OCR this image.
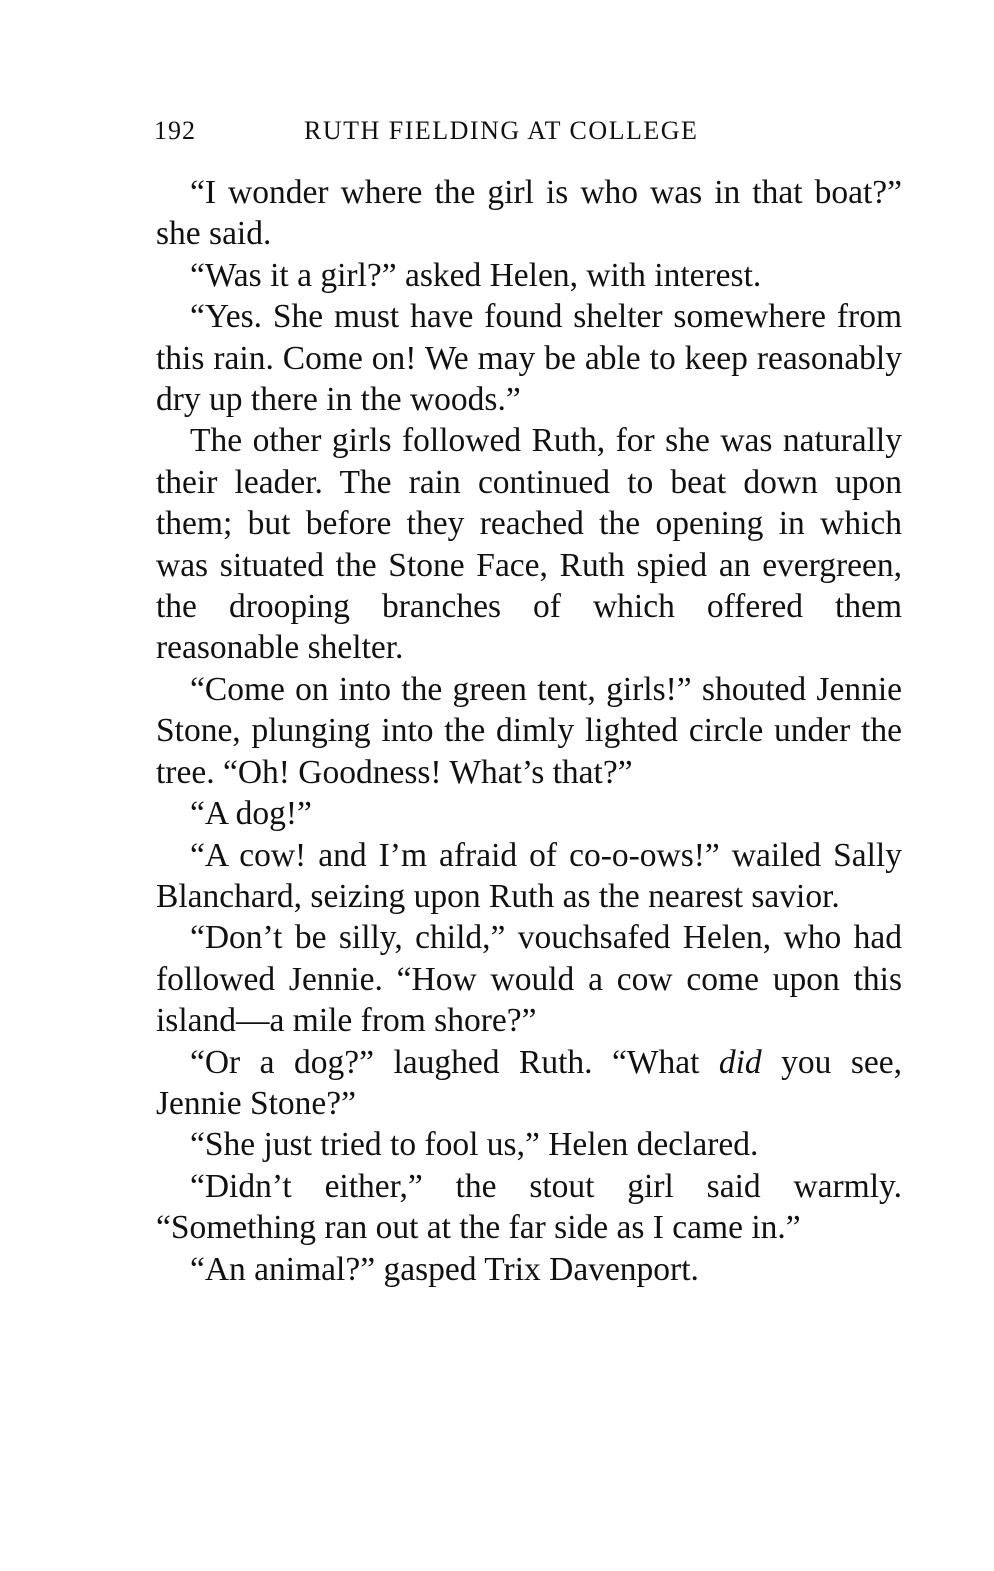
192	RUTH FIELDING AT COLLEGE

“I wonder where the girl is who was in that boat?” she said.

“Was it a girl?” asked Helen, with interest.

“Yes. She must have found shelter somewhere from this rain. Come on! We may be able to keep reasonably dry up there in the woods.”

The other girls followed Ruth, for she was naturally their leader. The rain continued to beat down upon them; but before they reached the opening in which was situated the Stone Face, Ruth spied an evergreen, the drooping branches of which offered them reasonable shelter.

“Come on into the green tent, girls!” shouted Jennie Stone, plunging into the dimly lighted circle under the tree. “Oh! Goodness! What’s that?”

“A dog!”

“A cow! and I’m afraid of co-o-ows!” wailed Sally Blanchard, seizing upon Ruth as the nearest savior.

“Don’t be silly, child,” vouchsafed Helen, who had followed Jennie. “How would a cow come upon this island—a mile from shore?”

“Or a dog?” laughed Ruth. “What did you see, Jennie Stone?”

“She just tried to fool us,” Helen declared.

“Didn’t either,” the stout girl said warmly. “Something ran out at the far side as I came in.”

“An animal?” gasped Trix Davenport.
